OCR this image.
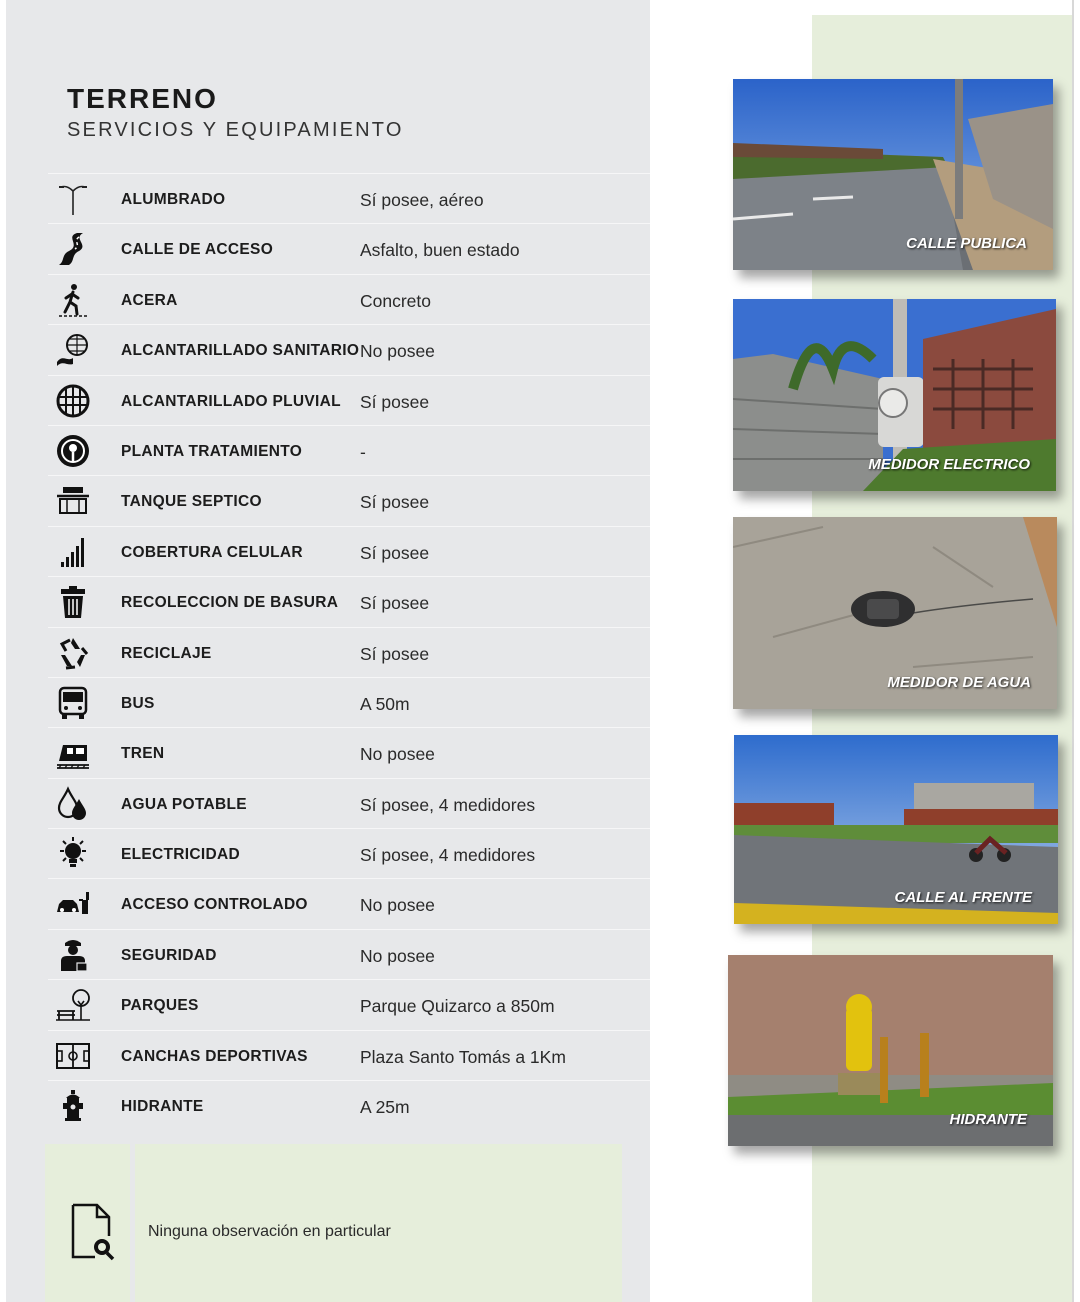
TERRENO
SERVICIOS Y EQUIPAMIENTO
ALUMBRADO	Sí posee, aéreo
CALLE DE ACCESO	Asfalto, buen estado
ACERA	Concreto
ALCANTARILLADO SANITARIO No posee
ALCANTARILLADO PLUVIAL Sí posee
PLANTA TRATAMIENTO	-
TANQUE SEPTICO	Sí posee
COBERTURA CELULAR	Sí posee
RECOLECCION DE BASURA Sí posee
RECICLAJE	Sí posee
BUS	A 50m
TREN	No posee
AGUA POTABLE	Sí posee, 4 medidores
ELECTRICIDAD	Sí posee, 4 medidores
ACCESO CONTROLADO	No posee
SEGURIDAD	No posee
PARQUES	Parque Quizarco a 850m
CANCHAS DEPORTIVAS	Plaza Santo Tomás a 1Km
HIDRANTE	A 25m
Ninguna observación en particular
CALLE PUBLICA
MEDIDOR ELECTRICO
MEDIDOR DE AGUA
CALLE AL FRENTE
HIDRANTE
